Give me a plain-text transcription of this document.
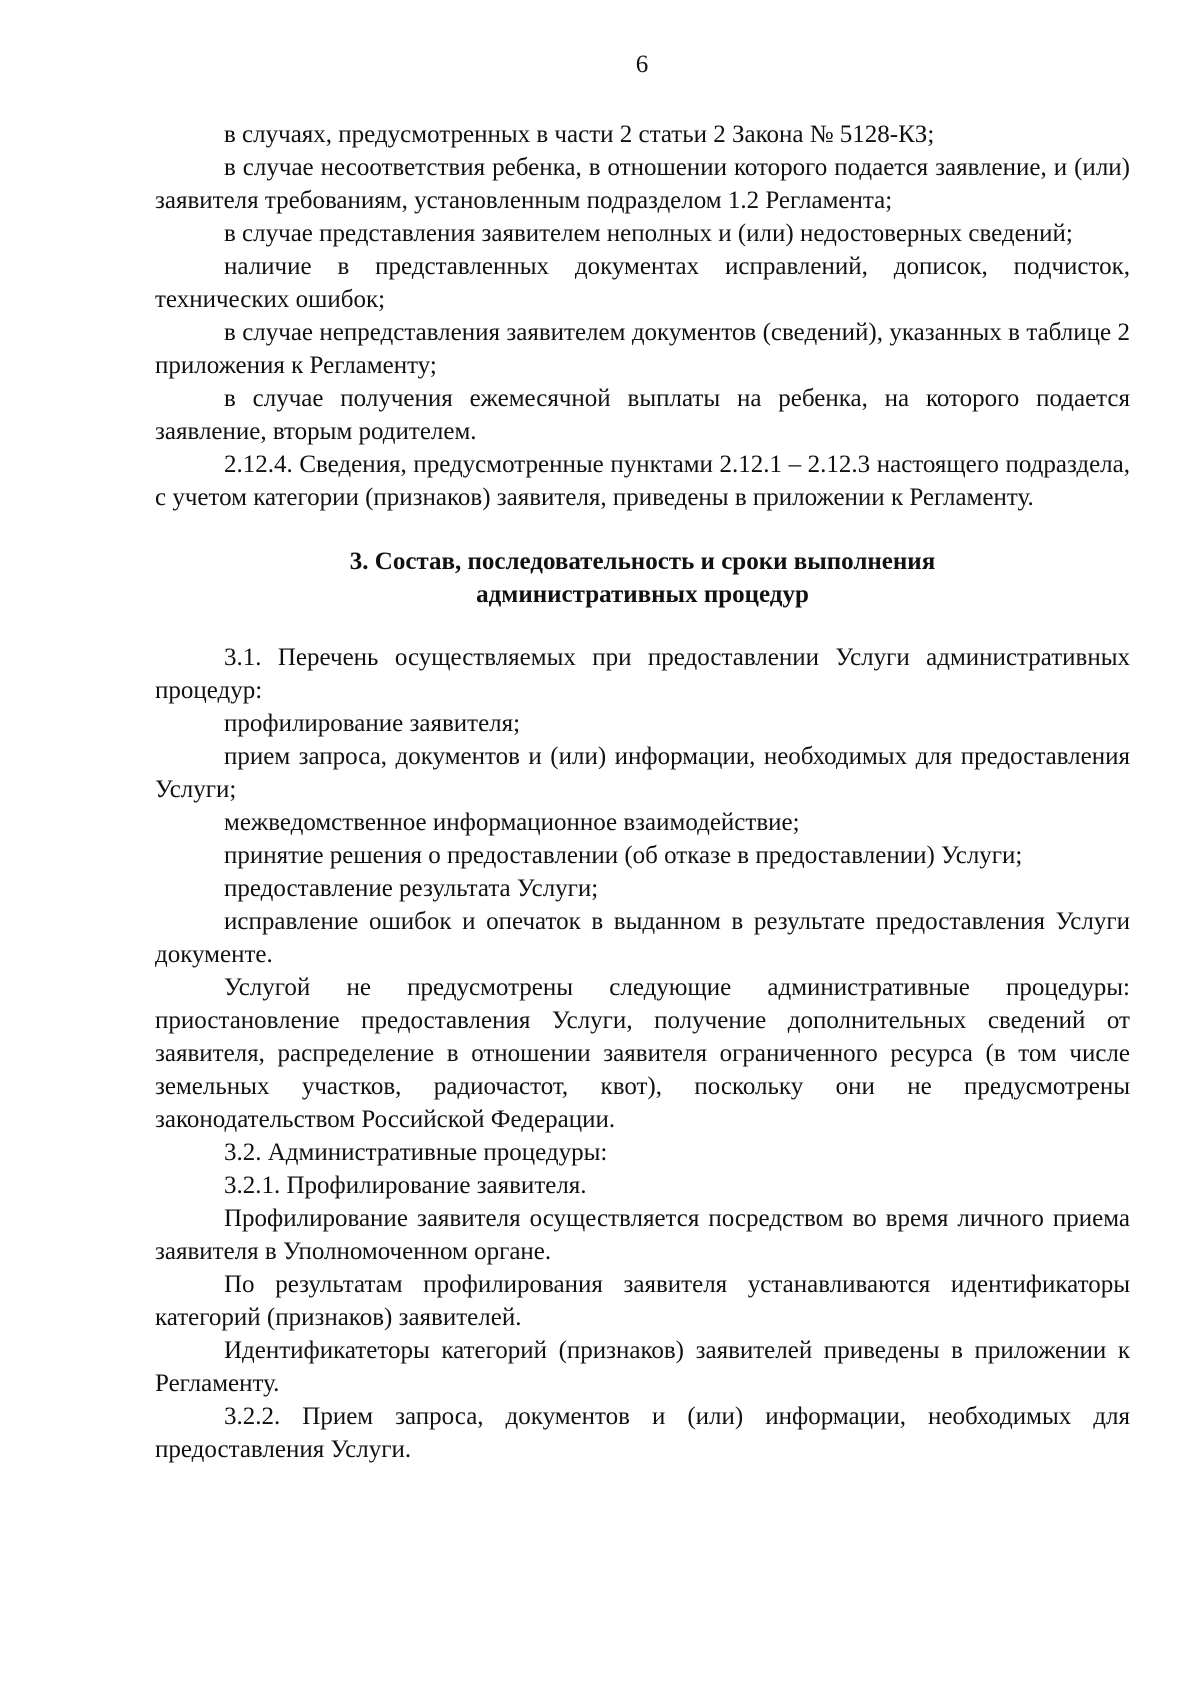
6

в случаях, предусмотренных в части 2 статьи 2 Закона № 5128-КЗ;

в случае несоответствия ребенка, в отношении которого подается заявление, и (или) заявителя требованиям, установленным подразделом 1.2 Регламента;

в случае представления заявителем неполных и (или) недостоверных сведений;

наличие в представленных документах исправлений, дописок, подчисток, технических ошибок;

в случае непредставления заявителем документов (сведений), указанных в таблице 2 приложения к Регламенту;

в случае получения ежемесячной выплаты на ребенка, на которого подается заявление, вторым родителем.

2.12.4. Сведения, предусмотренные пунктами 2.12.1 – 2.12.3 настоящего подраздела, с учетом категории (признаков) заявителя, приведены в приложении к Регламенту.

3. Состав, последовательность и сроки выполнения
административных процедур

3.1. Перечень осуществляемых при предоставлении Услуги административных процедур:

профилирование заявителя;

прием запроса, документов и (или) информации, необходимых для предоставления Услуги;

межведомственное информационное взаимодействие;

принятие решения о предоставлении (об отказе в предоставлении) Услуги;

предоставление результата Услуги;

исправление ошибок и опечаток в выданном в результате предоставления Услуги документе.

Услугой не предусмотрены следующие административные процедуры: приостановление предоставления Услуги, получение дополнительных сведений от заявителя, распределение в отношении заявителя ограниченного ресурса (в том числе земельных участков, радиочастот, квот), поскольку они не предусмотрены законодательством Российской Федерации.

3.2. Административные процедуры:

3.2.1. Профилирование заявителя.

Профилирование заявителя осуществляется посредством во время личного приема заявителя в Уполномоченном органе.

По результатам профилирования заявителя устанавливаются идентификаторы категорий (признаков) заявителей.

Идентификатеторы категорий (признаков) заявителей приведены в приложении к Регламенту.

3.2.2. Прием запроса, документов и (или) информации, необходимых для предоставления Услуги.
